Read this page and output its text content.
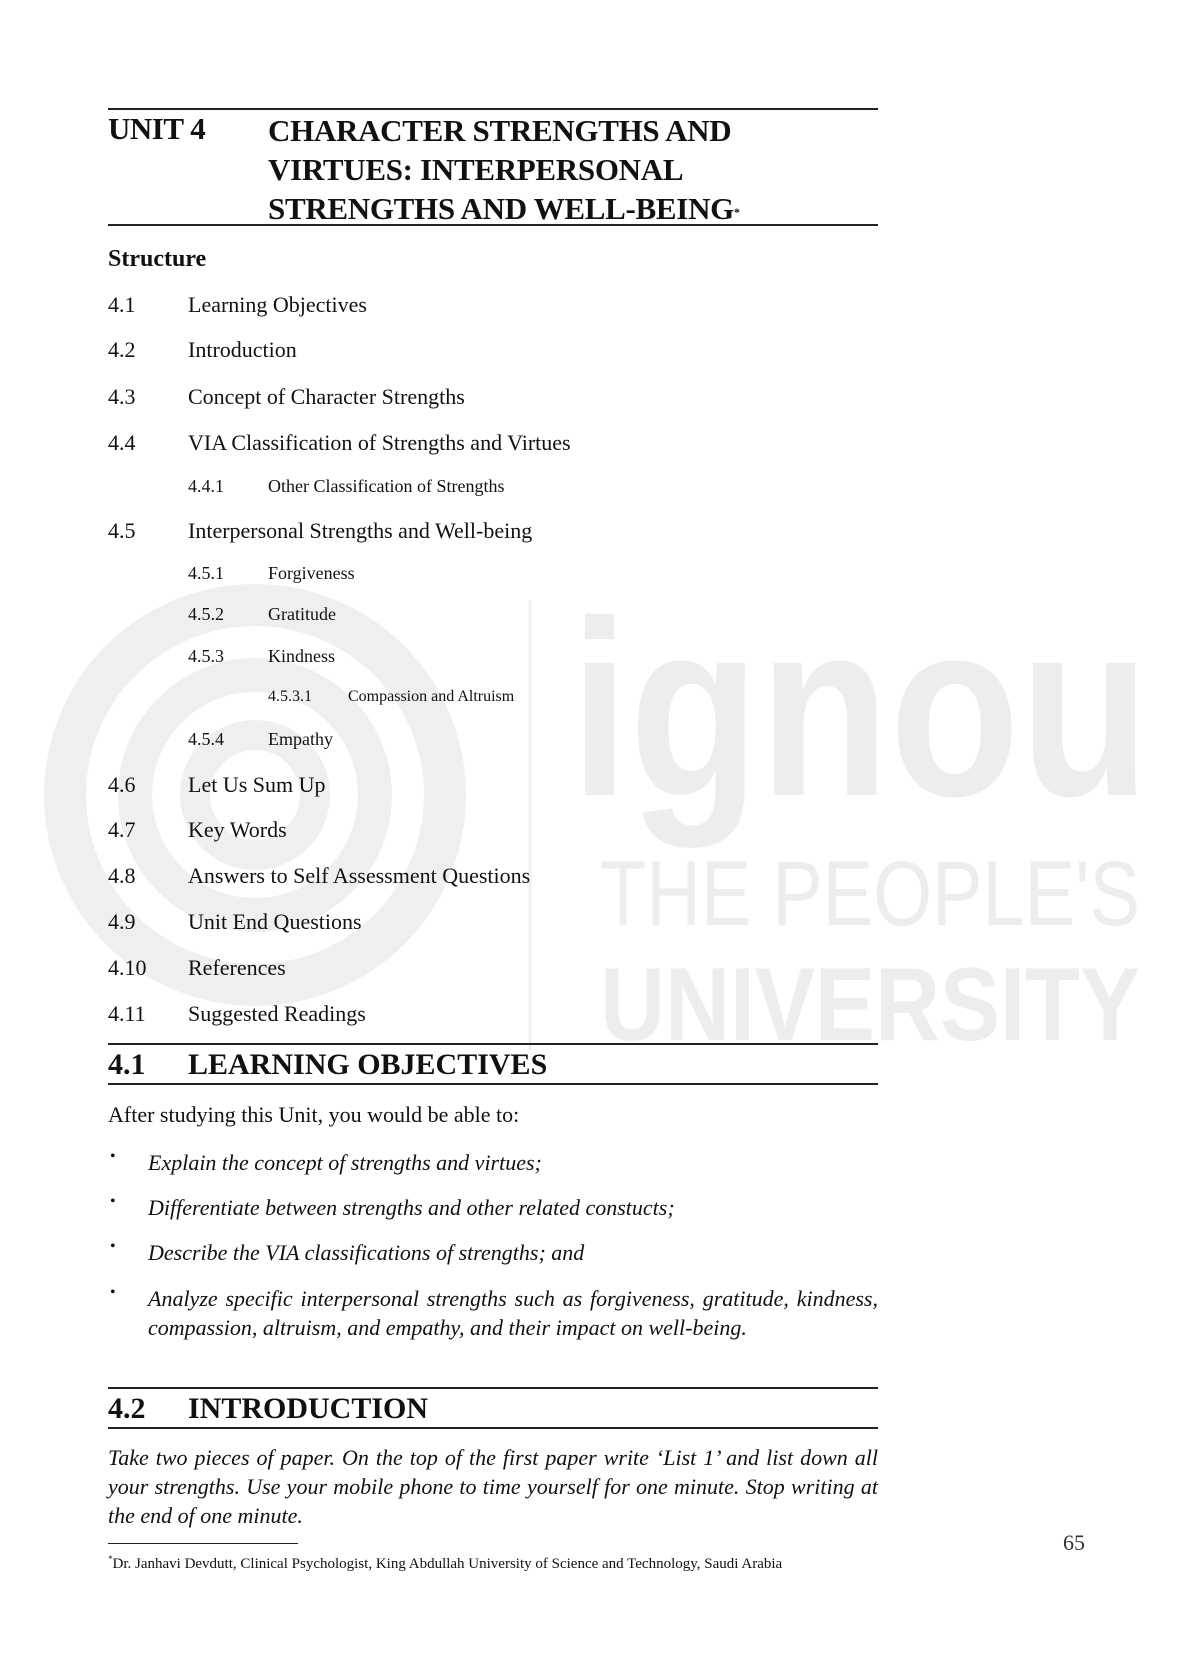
ignou
THE PEOPLE'S
UNIVERSITY
UNIT 4 CHARACTER STRENGTHS AND
VIRTUES: INTERPERSONAL
STRENGTHS AND WELL-BEING*
Structure
4.1 Learning Objectives
4.2 Introduction
4.3 Concept of Character Strengths
4.4 VIA Classification of Strengths and Virtues
4.4.1 Other Classification of Strengths
4.5 Interpersonal Strengths and Well-being
4.5.1 Forgiveness
4.5.2 Gratitude
4.5.3 Kindness
4.5.3.1 Compassion and Altruism
4.5.4 Empathy
4.6 Let Us Sum Up
4.7 Key Words
4.8 Answers to Self Assessment Questions
4.9 Unit End Questions
4.10 References
4.11 Suggested Readings
4.1 LEARNING OBJECTIVES
After studying this Unit, you would be able to:
• Explain the concept of strengths and virtues;
• Differentiate between strengths and other related constucts;
• Describe the VIA classifications of strengths; and
• Analyze specific interpersonal strengths such as forgiveness, gratitude, kindness, compassion, altruism, and empathy, and their impact on well-being.
4.2 INTRODUCTION
Take two pieces of paper. On the top of the first paper write ‘List 1’ and list down all your strengths. Use your mobile phone to time yourself for one minute. Stop writing at the end of one minute.
*Dr. Janhavi Devdutt, Clinical Psychologist, King Abdullah University of Science and Technology, Saudi Arabia
65
